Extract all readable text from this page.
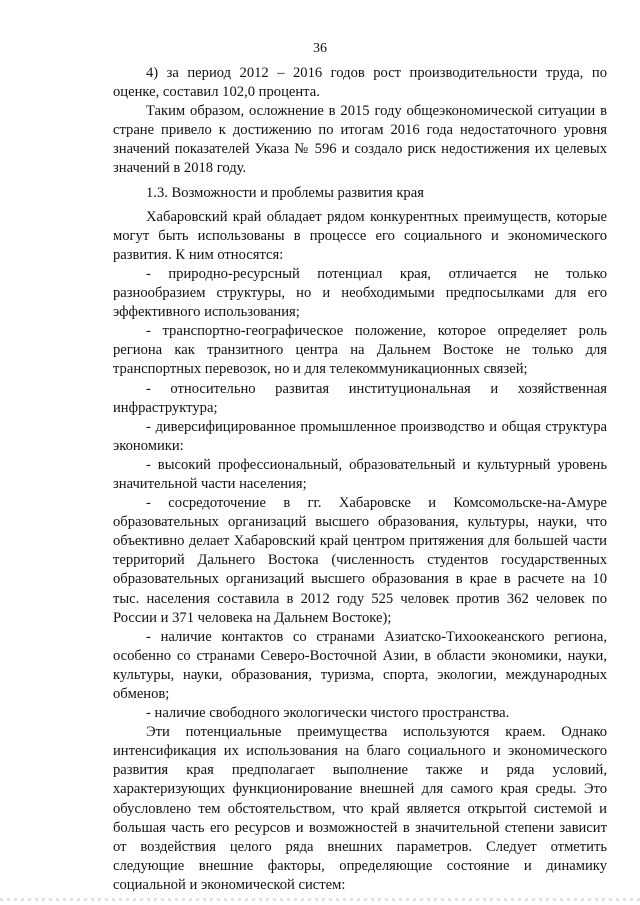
36

4) за период 2012 – 2016 годов рост производительности труда, по оценке, составил 102,0 процента.

Таким образом, осложнение в 2015 году общеэкономической ситуации в стране привело к достижению по итогам 2016 года недостаточного уровня значений показателей Указа № 596 и создало риск недостижения их целевых значений в 2018 году.

1.3. Возможности и проблемы развития края

Хабаровский край обладает рядом конкурентных преимуществ, которые могут быть использованы в процессе его социального и экономического развития. К ним относятся:

- природно-ресурсный потенциал края, отличается не только разнообразием структуры, но и необходимыми предпосылками для его эффективного использования;

- транспортно-географическое положение, которое определяет роль региона как транзитного центра на Дальнем Востоке не только для транспортных перевозок, но и для телекоммуникационных связей;

- относительно развитая институциональная и хозяйственная инфраструктура;

- диверсифицированное промышленное производство и общая структура экономики:

- высокий профессиональный, образовательный и культурный уровень значительной части населения;

- сосредоточение в гг. Хабаровске и Комсомольске-на-Амуре образовательных организаций высшего образования, культуры, науки, что объективно делает Хабаровский край центром притяжения для большей части территорий Дальнего Востока (численность студентов государственных образовательных организаций высшего образования в крае в расчете на 10 тыс. населения составила в 2012 году 525 человек против 362 человек по России и 371 человека на Дальнем Востоке);

- наличие контактов со странами Азиатско-Тихоокеанского региона, особенно со странами Северо-Восточной Азии, в области экономики, науки, культуры, науки, образования, туризма, спорта, экологии, международных обменов;

- наличие свободного экологически чистого пространства.

Эти потенциальные преимущества используются краем. Однако интенсификация их использования на благо социального и экономического развития края предполагает выполнение также и ряда условий, характеризующих функционирование внешней для самого края среды. Это обусловлено тем обстоятельством, что край является открытой системой и большая часть его ресурсов и возможностей в значительной степени зависит от воздействия целого ряда внешних параметров. Следует отметить следующие внешние факторы, определяющие состояние и динамику социальной и экономической систем:
